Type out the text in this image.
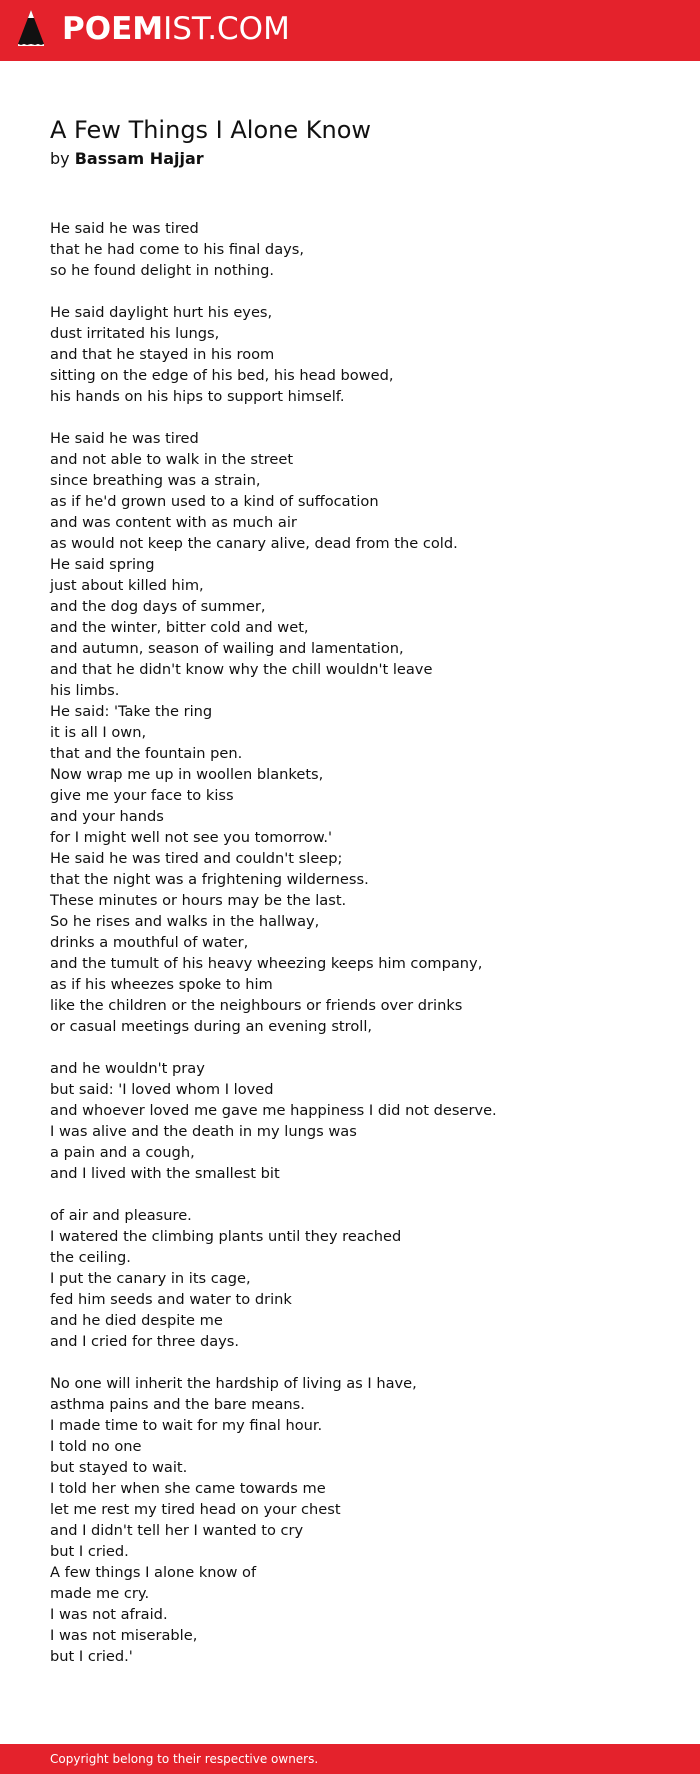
POEMIST.COM
A Few Things I Alone Know
by Bassam Hajjar
He said he was tired
that he had come to his final days,
so he found delight in nothing.
He said daylight hurt his eyes,
dust irritated his lungs,
and that he stayed in his room
sitting on the edge of his bed, his head bowed,
his hands on his hips to support himself.
He said he was tired
and not able to walk in the street
since breathing was a strain,
as if he'd grown used to a kind of suffocation
and was content with as much air
as would not keep the canary alive, dead from the cold.
He said spring
just about killed him,
and the dog days of summer,
and the winter, bitter cold and wet,
and autumn, season of wailing and lamentation,
and that he didn't know why the chill wouldn't leave
his limbs.
He said: 'Take the ring
it is all I own,
that and the fountain pen.
Now wrap me up in woollen blankets,
give me your face to kiss
and your hands
for I might well not see you tomorrow.'
He said he was tired and couldn't sleep;
that the night was a frightening wilderness.
These minutes or hours may be the last.
So he rises and walks in the hallway,
drinks a mouthful of water,
and the tumult of his heavy wheezing keeps him company,
as if his wheezes spoke to him
like the children or the neighbours or friends over drinks
or casual meetings during an evening stroll,
and he wouldn't pray
but said: 'I loved whom I loved
and whoever loved me gave me happiness I did not deserve.
I was alive and the death in my lungs was
a pain and a cough,
and I lived with the smallest bit
of air and pleasure.
I watered the climbing plants until they reached
the ceiling.
I put the canary in its cage,
fed him seeds and water to drink
and he died despite me
and I cried for three days.
No one will inherit the hardship of living as I have,
asthma pains and the bare means.
I made time to wait for my final hour.
I told no one
but stayed to wait.
I told her when she came towards me
let me rest my tired head on your chest
and I didn't tell her I wanted to cry
but I cried.
A few things I alone know of
made me cry.
I was not afraid.
I was not miserable,
but I cried.'
Copyright belong to their respective owners.
